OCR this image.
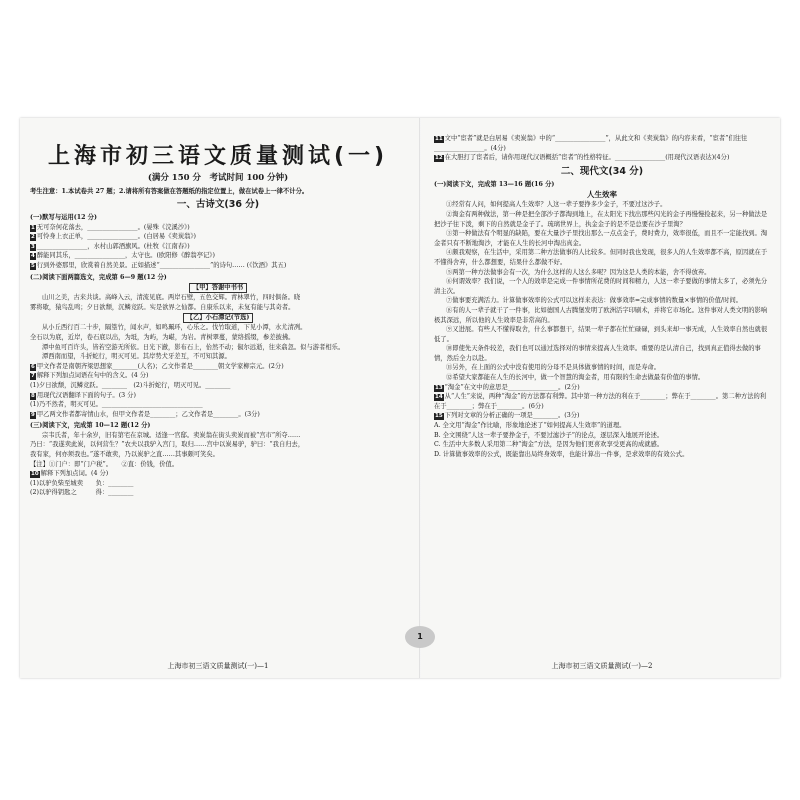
上海市初三语文质量测试(一)
(满分 150 分　考试时间 100 分钟)
考生注意：1.本试卷共 27 题；2.请将所有答案做在答题纸的指定位置上，做在试卷上一律不计分。
一、古诗文(36 分)
(一)默写与运用(12 分)
1 无可奈何花落去，________________。(晏殊《浣溪沙》)
2 可怜身上衣正单，________________。(白居易《卖炭翁》)
3 ________________，水村山郭酒旗风。(杜牧《江南春》)
4 醉能同其乐，________________，太守也。(欧阳修《醉翁亭记》)
5 行到外婆那里，欣赏着自然美景。正如描述“________________”的诗句…… (《饮酒》其五)
(二)阅读下面两篇选文，完成第 6—9 题(12 分)
【甲】答谢中书书
山川之美，古来共谈。高峰入云，清流见底。两岸石壁，五色交辉。青林翠竹，四时俱备。晓
雾将歇，猿鸟乱鸣；夕日欲颓，沉鳞竞跃。实是欲界之仙都。自康乐以来，未复有能与其奇者。
【乙】小石潭记(节选)
从小丘西行百二十步，隔篁竹，闻水声，如鸣珮环，心乐之。伐竹取道，下见小潭，水尤清冽。
全石以为底，近岸，卷石底以出，为坻，为屿，为嵁，为岩。青树翠蔓，蒙络摇缀，参差披拂。
潭中鱼可百许头，皆若空游无所依。日光下澈，影布石上，佁然不动；俶尔远逝，往来翕忽。似与游者相乐。
潭西南而望，斗折蛇行，明灭可见。其岸势犬牙差互，不可知其源。
6 甲文作者是南朝齐梁思想家________(人名)；乙文作者是________朝文学家柳宗元。(2分)
7 解释下列加点词语在句中的含义。(4 分)
(1)夕日欲颓，沉鳞竞跃。________　(2)斗折蛇行，明灭可见。________
8 用现代汉语翻译下面的句子。(3 分)
(1)乃不然者，明灭可见。________________________________
9 甲乙两文作者都寄情山水，但甲文作者是________；乙文作者是________。(3分)
(三)阅读下文，完成第 10—12 题(12 分)
宗韦氏者，年十余岁，旧有第宅在京城。适逢一官邸。卖炭翁在街头卖炭而被“宫市”所夺……
乃曰：“我遂卖此炭，以何营生？”农夫以我驴入宫门，取归……宫中以炭易驴，驴曰：“我自归去，
我有家，何亦须我也。”遂不敢卖，乃以炭驴之直……其事颇可笑矣。
【注】①门户：即“门户税”。　　②直：价钱，价值。
10 解释下列加点词。(4 分)
(1)以驴负柴至城卖　　负：________
(2)以驴得钥匙之　　　得：________
上海市初三语文质量测试(一)—1
11 文中“宦者”就是白居易《卖炭翁》中的“________________”，从此文和《卖炭翁》的内容来看，“宦者”们往往________________。(4分)
12 在大胆打了宦者后，请你用现代汉语概括“宦者”的性格特征。________________(用现代汉语表达)(4分)
二、现代文(34 分)
(一)阅读下文，完成第 13—16 题(16 分)
人生效率
①经常有人问，如何提高人生效率？人这一辈子要挣多少金子，不要过这沙子。
②淘金有两种做法，第一种是把全部沙子都淘到地上，在太阳光下找出那些闪光的金子再慢慢捡起来，另一种做法是把沙子往下泼，剩下的自然就是金子了。琉璃世界上，执金金子的是不是总要在沙子里淘？
③第一种做法有个明显的缺陷，要在大量沙子里找出那么一点点金子，费时费力，效率很低，而且不一定能找到。淘金者只有不断地淘沙，才能在人生的长河中淘出真金。
④颇我观察，在生活中，采用第二种方法做事的人比较多。但同时我也发现，很多人的人生效率都不高，原因就在于不懂得舍弃，什么都想要，结果什么都做不好。
⑤两第一种方法做事会有一次，为什么这样的人这么多呢？因为这是人类的本能，舍不得放弃。
⑥何谓效率？我们说，一个人的效率是完成一件事情所花费的时间和精力，人这一辈子要做的事情太多了，必须先分清主次。
⑦做事要充满活力。计算做事效率的公式可以这样来表达：做事效率=完成事情的数量×事情的价值/时间。
⑧有的人一辈子就干了一件事，比如德国人古腾堡发明了欧洲活字印刷术，并将它市场化。这件事对人类文明的影响极其深远，所以他的人生效率是非常高的。
⑨又进展。有些人不懂得取舍，什么事都想干，结果一辈子都在忙忙碌碌，到头来却一事无成，人生效率自然也就很低了。
⑩即使先天条件较差，我们也可以通过选择对的事情来提高人生效率。重要的是认清自己，找到真正值得去做的事情，然后全力以赴。
⑪另外，在上面的公式中没有使用的分母不是具体做事情的时间，而是寿命。
⑫希望大家都能在人生的长河中，做一个智慧的淘金者，用有限的生命去做最有价值的事情。
13 “淘金”在文中的意思是________________。(2分)
14 从“人生”来说，两种“淘金”的方法都有利弊。其中第一种方法的利在于________；弊在于________。第二种方法的利在于________；弊在于________。(6分)
15 下列对文章的分析正确的一项是________。(3分)
A. 全文用“淘金”作比喻，形象地论述了“如何提高人生效率”的道理。
B. 全文围绕“人这一辈子要挣金子，不要过滤沙子”的论点，逐层深入地展开论述。
C. 生活中大多数人采用第二种“淘金”方法，是因为他们更喜欢享受更高的成就感。
D. 计算做事效率的公式，既能靠出局终身效率，也能计算出一件事，是求效率的有效公式。
上海市初三语文质量测试(一)—2
1
